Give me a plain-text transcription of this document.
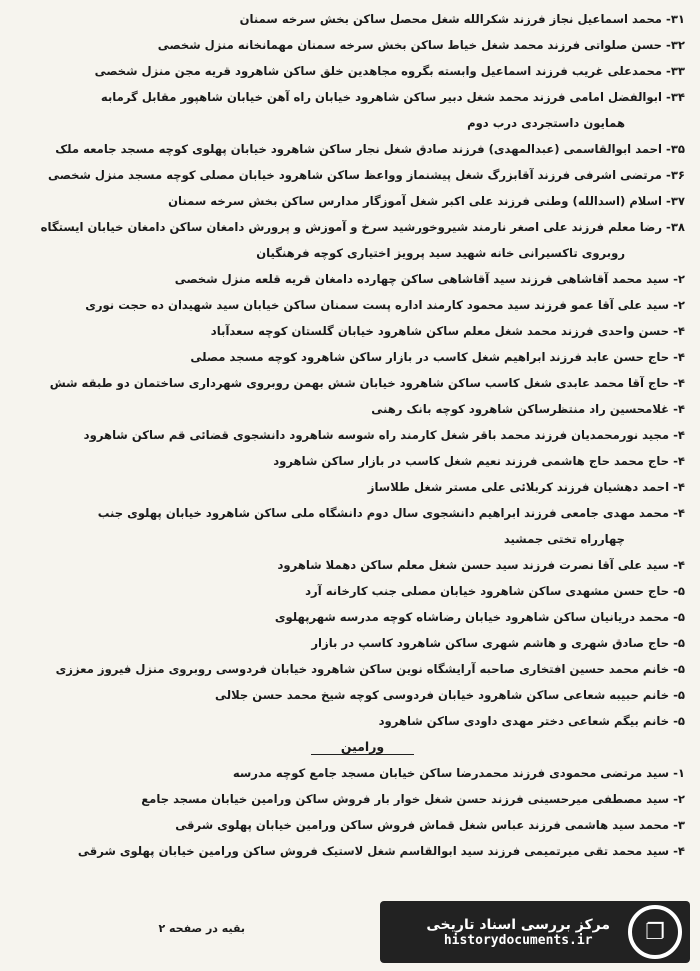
۳۱- محمد اسماعیل نجاز فرزند شکرالله شغل محصل ساکن بخش سرخه سمنان
۳۲- حسن صلواتی فرزند محمد شغل خیاط ساکن بخش سرخه سمنان مهمانخانه منزل شخصی
۳۳- محمدعلی غریب فرزند اسماعیل وابسته بگروه مجاهدین خلق ساکن شاهرود قریه مجن منزل شخصی
۳۴- ابوالفضل امامی فرزند محمد شغل دبیر ساکن شاهرود خیابان راه آهن خیابان شاهپور مقابل گرمابه
همایون داستجردی درب دوم
۳۵- احمد ابوالقاسمی (عبدالمهدی) فرزند صادق شغل نجار ساکن شاهرود خیابان پهلوی کوچه مسجد جامعه ملک
۳۶- مرتضی اشرفی فرزند آقابزرگ شغل پیشنماز وواعظ ساکن شاهرود خیابان مصلی کوچه مسجد منزل شخصی
۳۷- اسلام (اسدالله) وطنی فرزند علی اکبر شغل آموزگار مدارس ساکن بخش سرخه سمنان
۳۸- رضا معلم فرزند علی اصغر نارمند شیروخورشید سرخ و آموزش و پرورش دامغان ساکن دامغان خیابان ایستگاه
روبروی تاکسیرانی خانه شهید سید پرویز اختیاری کوچه فرهنگیان
۲- سید محمد آقاشاهی فرزند سید آقاشاهی ساکن چهارده دامغان قریه قلعه منزل شخصی
۲- سید علی آقا عمو فرزند سید محمود کارمند اداره پست سمنان ساکن خیابان سید شهیدان ده حجت نوری
۴- حسن واحدی فرزند محمد شغل معلم ساکن شاهرود خیابان گلستان کوچه سعدآباد
۴- حاج حسن عابد فرزند ابراهیم شغل کاسب در بازار ساکن شاهرود کوچه مسجد مصلی
۴- حاج آقا محمد عابدی شغل کاسب ساکن شاهرود خیابان شش بهمن روبروی شهرداری ساختمان دو طبقه شش
۴- غلامحسین راد منتظرساکن شاهرود کوچه بانک رهنی
۴- مجید نورمحمدیان فرزند محمد باقر شغل کارمند راه شوسه شاهرود دانشجوی قضائی قم ساکن شاهرود
۴- حاج محمد حاج هاشمی فرزند نعیم شغل کاسب در بازار ساکن شاهرود
۴- احمد دهشیان فرزند کربلائی علی مستر شغل طلاساز
۴- محمد مهدی جامعی فرزند ابراهیم دانشجوی سال دوم دانشگاه ملی ساکن شاهرود خیابان پهلوی جنب
چهارراه تختی جمشید
۴- سید علی آقا نصرت فرزند سید حسن شغل معلم ساکن دهملا شاهرود
۵- حاج حسن مشهدی ساکن شاهرود خیابان مصلی جنب کارخانه آرد
۵- محمد دریانیان ساکن شاهرود خیابان رضاشاه کوچه مدرسه شهرپهلوی
۵- حاج صادق شهری و هاشم شهری ساکن شاهرود کاسپ در بازار
۵- خانم محمد حسین افتخاری صاحبه آرایشگاه نوین ساکن شاهرود خیابان فردوسی روبروی منزل فیروز معززی
۵- خانم حبیبه شعاعی ساکن شاهرود خیابان فردوسی کوچه شیخ محمد حسن جلالی
۵- خانم بیگم شعاعی دختر مهدی داودی ساکن شاهرود
ورامین
۱- سید مرتضی محمودی فرزند محمدرضا ساکن خیابان مسجد جامع کوچه مدرسه
۲- سید مصطفی میرحسینی فرزند حسن شغل خوار بار فروش ساکن ورامین خیابان مسجد جامع
۳- محمد سید هاشمی فرزند عباس شغل قماش فروش ساکن ورامین خیابان پهلوی شرقی
۴- سید محمد تقی میرتمیمی فرزند سید ابوالقاسم شغل لاستیک فروش ساکن ورامین خیابان پهلوی شرقی
بقیه در صفحه ۲	مرکز بررسی اسناد تاریخی
historydocuments.ir	❐
